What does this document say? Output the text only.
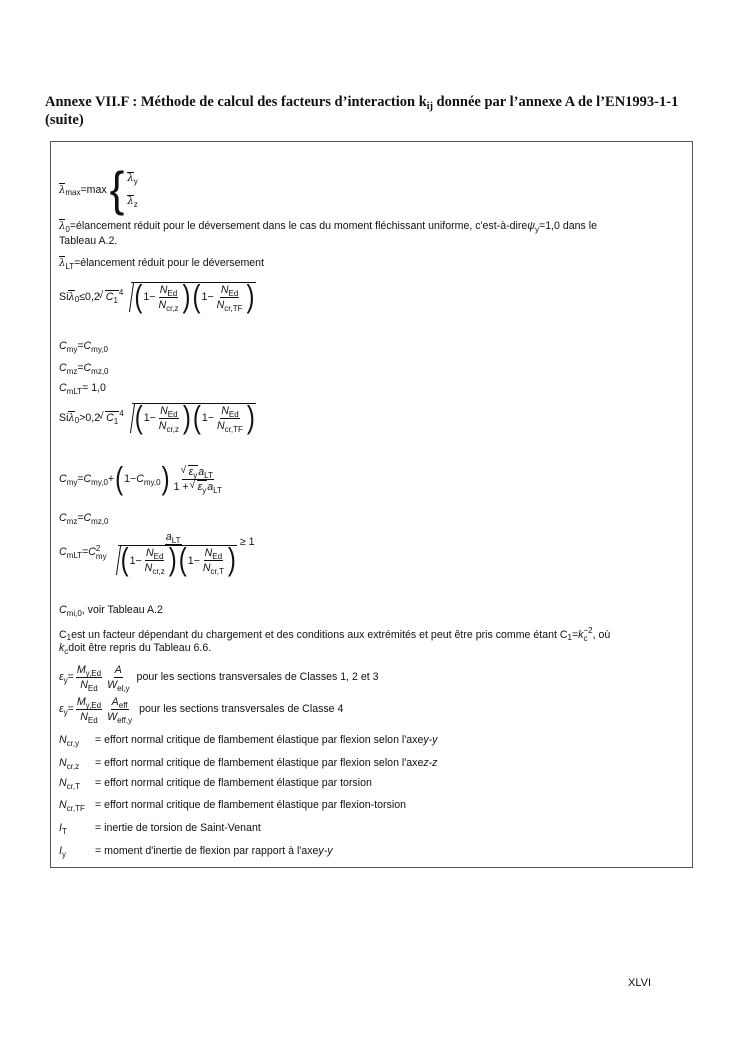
Annexe VII.F : Méthode de calcul des facteurs d’interaction $k_{ij}$ donnée par l’annexe A de l’EN1993-1-1 (suite)
$\lambda_{max} = \max$ { $\lambda_y$
$\lambda_z$
$\lambda_0$ = élancement réduit pour le déversement dans le cas du moment fléchissant uniforme, c'est-à-dire $\psi_y =1,0$ dans le
Tableau A.2.
$\lambda_{LT}$ = élancement réduit pour le déversement
Si $\lambda_0 \le 0,2$ √ $C_1$
$^4$ ( $1 - \frac{N_{Ed}}{N_{cr,z}}$ ) ( $1 - \frac{N_{Ed}}{N_{cr,TF}}$ )
$C_{my} = C_{my,0}$
$C_{mz} = C_{mz,0}$
$C_{mLT} = 1,0$
Si $\lambda_0 > 0,2$ √ $C_1$
$^4$ ( $1 - \frac{N_{Ed}}{N_{cr,z}}$ ) ( $1 - \frac{N_{Ed}}{N_{cr,TF}}$ )
$C_{my} = C_{my,0}$ + ( $1 - C_{my,0}$ ) √ $\frac{\varepsilon_ya_{LT}}{1 + √ \varepsilon_ya_{LT}}$
$C_{mz} = C_{mz,0}$
$C_{mLT} = C$ 2
my $\frac{a_{LT}}{( 1 - \frac{N_{Ed}}{N_{cr,z}} ) ( 1 - \frac{N_{Ed}}{N_{cr,T}} )} \ge 1$
$C_{mi,0}$ , voir Tableau A.2
$C_1$ est un facteur dépendant du chargement et des conditions aux extrémités et peut être pris comme étant $C_1 = k -2$
c , où
$k_c$ doit être repris du Tableau 6.6.
$\varepsilon_y = \frac{M_{y,Ed}}{N_{Ed}} \frac{A}{W_{el,y}}$ pour les sections transversales de Classes 1, 2 et 3
$\varepsilon_y = \frac{M_{y,Ed}}{N_{Ed}} \frac{A_{eff}}{W_{eff,y}}$ pour les sections transversales de Classe 4
$N_{cr,y}$	= effort normal critique de flambement élastique par flexion selon l'axe y-y
$N_{cr,z}$	= effort normal critique de flambement élastique par flexion selon l'axe z-z
$N_{cr,T}$	= effort normal critique de flambement élastique par torsion
$N_{cr,TF}$ = effort normal critique de flambement élastique par flexion-torsion
$I_T$	= inertie de torsion de Saint-Venant
$I_y$	= moment d'inertie de flexion par rapport à l'axe y-y
XLVI
